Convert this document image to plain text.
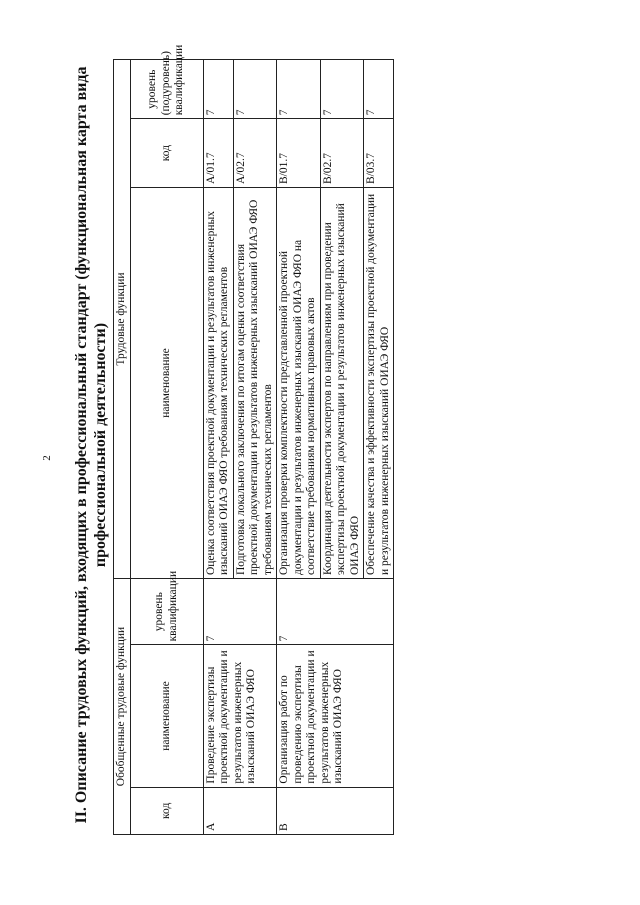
2 II. Описание трудовых функций, входящих в профессиональный стандарт (функциональная карта вида профессиональной деятельности)
Обобщенные трудовые функции			Трудовые функции		
код	наименование	уровень квалификации	наименование	код	уровень (подуровень) квалификации
A	Проведение экспертизы проектной документации и результатов инженерных изысканий ОИАЭ ФЯО	7	Оценка соответствия проектной документации и результатов инженерных изысканий ОИАЭ ФЯО требованиям технических регламентов	A/01.7	7
			Подготовка локального заключения по итогам оценки соответствия проектной документации и результатов инженерных изысканий ОИАЭ ФЯО требованиям технических регламентов	A/02.7	7
B	Организация работ по проведению экспертизы проектной документации и результатов инженерных изысканий ОИАЭ ФЯО	7	Организация проверки комплектности представленной проектной документации и результатов инженерных изысканий ОИАЭ ФЯО на соответствие требованиям нормативных правовых актов	B/01.7	7
			Координация деятельности экспертов по направлениям при проведении экспертизы проектной документации и результатов инженерных изысканий ОИАЭ ФЯО	B/02.7	7
			Обеспечение качества и эффективности экспертизы проектной документации и результатов инженерных изысканий ОИАЭ ФЯО	B/03.7	7
